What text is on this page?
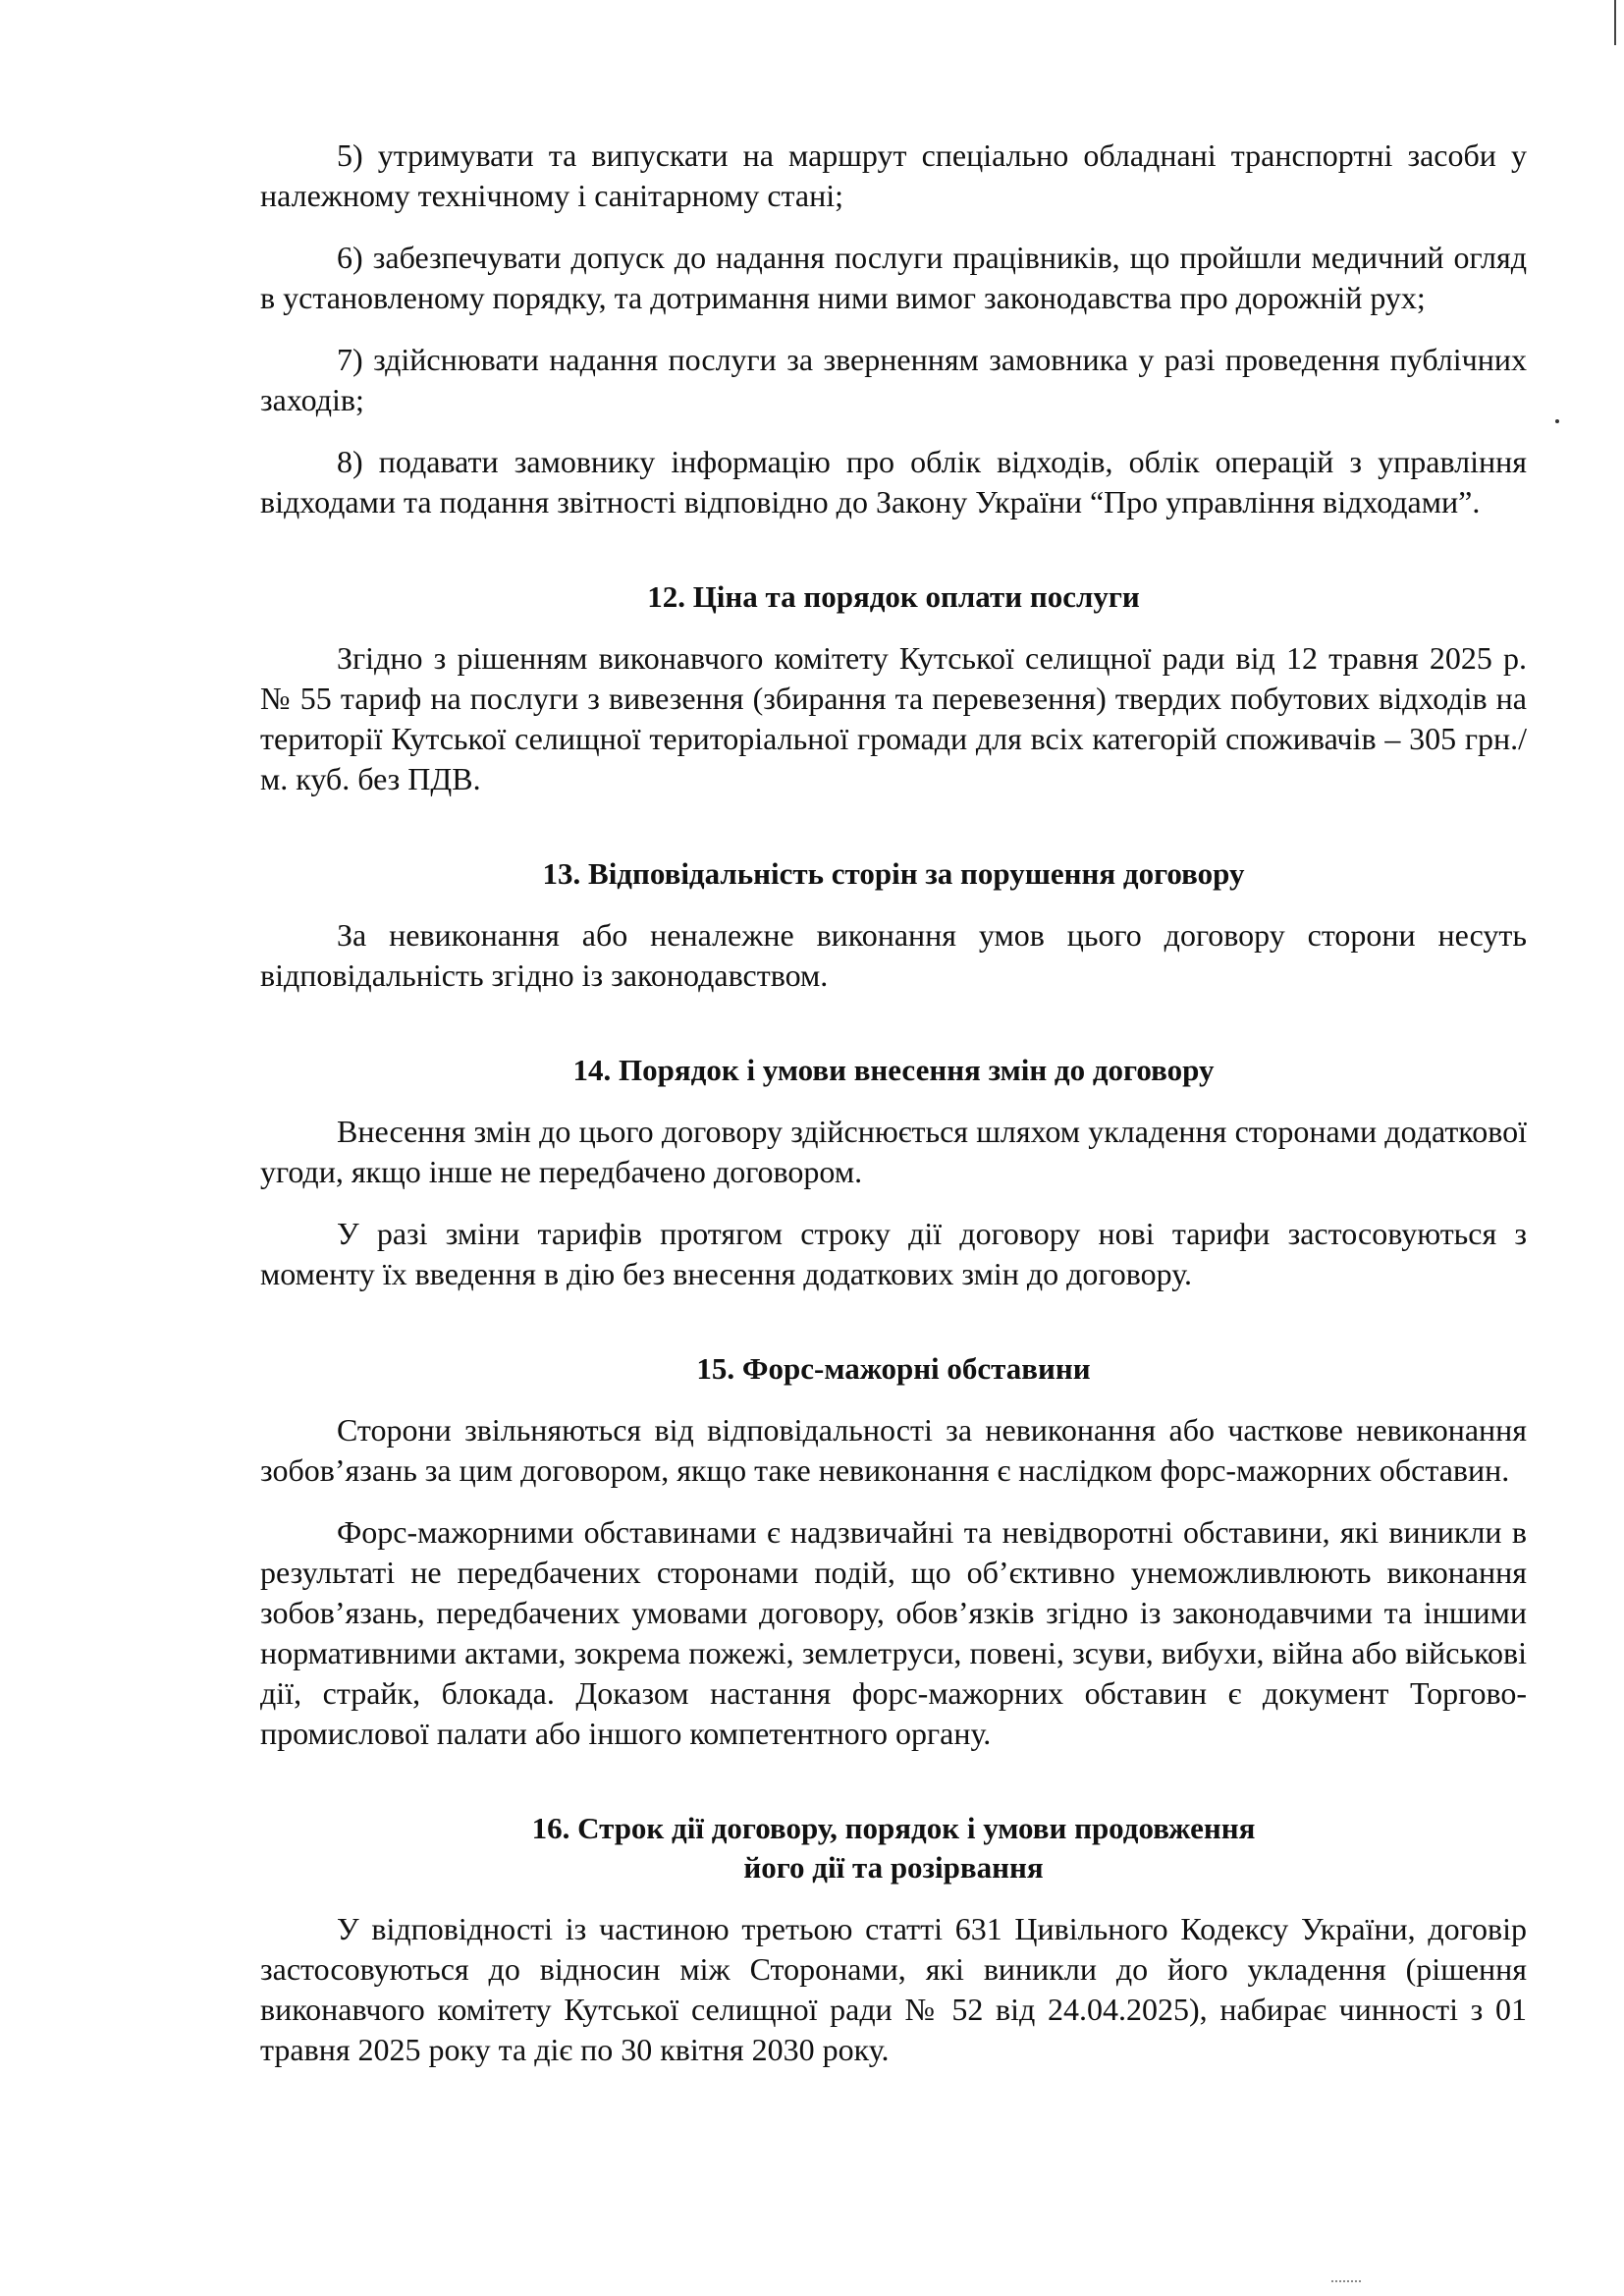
5) утримувати та випускати на маршрут спеціально обладнані транспортні засоби у належному технічному і санітарному стані;

6) забезпечувати допуск до надання послуги працівників, що пройшли медичний огляд в установленому порядку, та дотримання ними вимог законодавства про дорожній рух;

7) здійснювати надання послуги за зверненням замовника у разі проведення публічних заходів;

8) подавати замовнику інформацію про облік відходів, облік операцій з управління відходами та подання звітності відповідно до Закону України “Про управління відходами”.

12. Ціна та порядок оплати послуги

Згідно з рішенням виконавчого комітету Кутської селищної ради від 12 травня 2025 р. № 55 тариф на послуги з вивезення (збирання та перевезення) твердих побутових відходів на території Кутської селищної територіальної громади для всіх категорій споживачів – 305 грн./м. куб. без ПДВ.

13. Відповідальність сторін за порушення договору

За невиконання або неналежне виконання умов цього договору сторони несуть відповідальність згідно із законодавством.

14. Порядок і умови внесення змін до договору

Внесення змін до цього договору здійснюється шляхом укладення сторонами додаткової угоди, якщо інше не передбачено договором.

У разі зміни тарифів протягом строку дії договору нові тарифи застосовуються з моменту їх введення в дію без внесення додаткових змін до договору.

15. Форс-мажорні обставини

Сторони звільняються від відповідальності за невиконання або часткове невиконання зобов’язань за цим договором, якщо таке невиконання є наслідком форс-мажорних обставин.

Форс-мажорними обставинами є надзвичайні та невідворотні обставини, які виникли в результаті не передбачених сторонами подій, що об’єктивно унеможливлюють виконання зобов’язань, передбачених умовами договору, обов’язків згідно із законодавчими та іншими нормативними актами, зокрема пожежі, землетруси, повені, зсуви, вибухи, війна або військові дії, страйк, блокада. Доказом настання форс-мажорних обставин є документ Торгово-промислової палати або іншого компетентного органу.

16. Строк дії договору, порядок і умови продовження
його дії та розірвання

У відповідності із частиною третьою статті 631 Цивільного Кодексу України, договір застосовуються до відносин між Сторонами, які виникли до його укладення (рішення виконавчого комітету Кутської селищної ради № 52 від 24.04.2025), набирає чинності з 01 травня 2025 року та діє по 30 квітня 2030 року.
